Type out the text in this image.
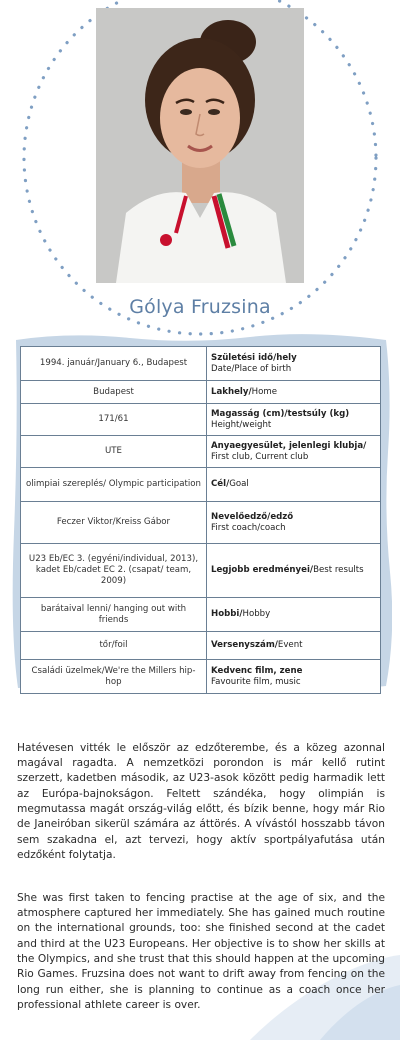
Gólya Fruzsina
1994. január/January 6., Budapest	Születési idő/hely
Date/Place of birth
Budapest	Lakhely/Home
171/61	Magasság (cm)/testsúly (kg)
Height/weight
UTE	Anyaegyesület, jelenlegi klubja/
First club, Current club
olimpiai szereplés/ Olympic participation	Cél/Goal
Feczer Viktor/Kreiss Gábor	Nevelőedző/edző
First coach/coach
U23 Eb/EC 3. (egyéni/individual, 2013), kadet Eb/cadet EC 2. (csapat/ team, 2009)	Legjobb eredményei/Best results
barátaival lenni/ hanging out with friends	Hobbi/Hobby
tőr/foil	Versenyszám/Event
Családi üzelmek/We're the Millers hip-hop	Kedvenc film, zene
Favourite film, music

Hatévesen vitték le először az edzőterembe, és a közeg azonnal magával ragadta. A nemzetközi porondon is már kellő rutint szerzett, kadetben második, az U23-asok között pedig harmadik lett az Európa-bajnokságon. Feltett szándéka, hogy olimpián is megmutassa magát ország-világ előtt, és bízik benne, hogy már Rio de Janeiróban sikerül számára az áttörés. A vívástól hosszabb távon sem szakadna el, azt tervezi, hogy aktív sportpályafutása után edzőként folytatja.

She was first taken to fencing practise at the age of six, and the atmosphere captured her immediately. She has gained much routine on the international grounds, too: she finished second at the cadet and third at the U23 Europeans. Her objective is to show her skills at the Olympics, and she trust that this should happen at the upcoming Rio Games. Fruzsina does not want to drift away from fencing on the long run either, she is planning to continue as a coach once her professional athlete career is over.
